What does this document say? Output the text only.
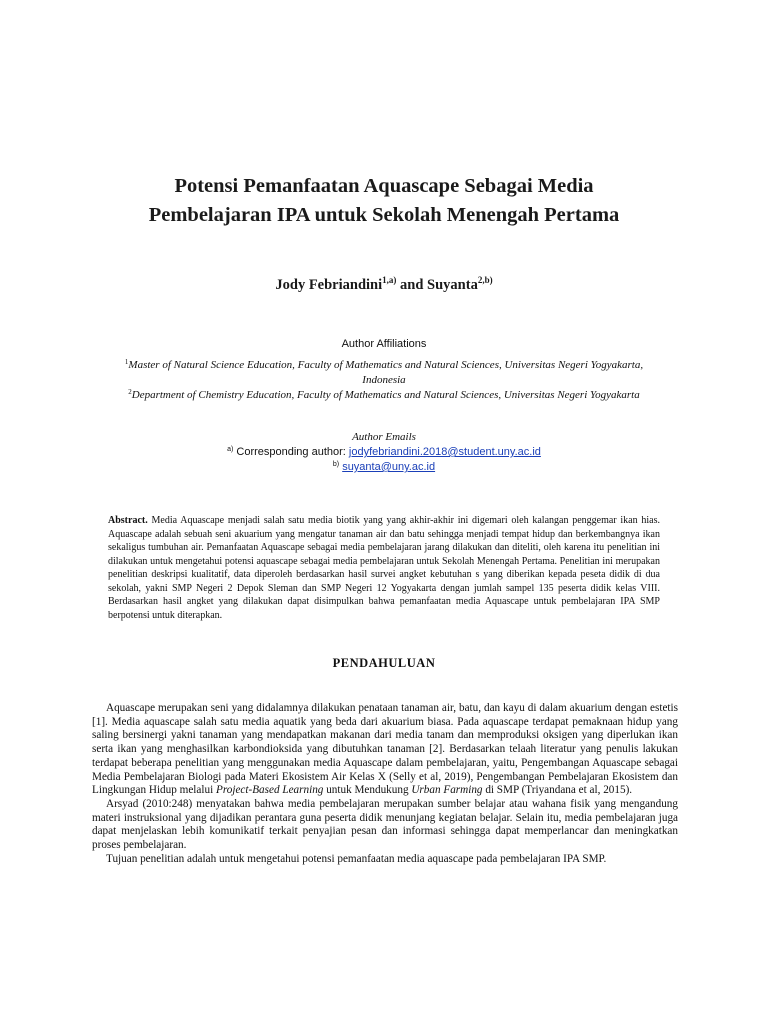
Potensi Pemanfaatan Aquascape Sebagai Media
Pembelajaran IPA untuk Sekolah Menengah Pertama
Jody Febriandini$^{1,a)}$ and Suyanta$^{2,b)}$
Author Affiliations
$^1$Master of Natural Science Education, Faculty of Mathematics and Natural Sciences, Universitas Negeri Yogyakarta, Indonesia
$^2$Department of Chemistry Education, Faculty of Mathematics and Natural Sciences, Universitas Negeri Yogyakarta
Author Emails
$^{a)}$ Corresponding author: jodyfebriandini.2018@student.uny.ac.id
$^{b)}$ suyanta@uny.ac.id
Abstract. Media Aquascape menjadi salah satu media biotik yang yang akhir-akhir ini digemari oleh kalangan penggemar ikan hias. Aquascape adalah sebuah seni akuarium yang mengatur tanaman air dan batu sehingga menjadi tempat hidup dan berkembangnya ikan sekaligus tumbuhan air. Pemanfaatan Aquascape sebagai media pembelajaran jarang dilakukan dan diteliti, oleh karena itu penelitian ini dilakukan untuk mengetahui potensi aquascape sebagai media pembelajaran untuk Sekolah Menengah Pertama. Penelitian ini merupakan penelitian deskripsi kualitatif, data diperoleh berdasarkan hasil survei angket kebutuhan s yang diberikan kepada peseta didik di dua sekolah, yakni SMP Negeri 2 Depok Sleman dan SMP Negeri 12 Yogyakarta dengan jumlah sampel 135 peserta didik kelas VIII. Berdasarkan hasil angket yang dilakukan dapat disimpulkan bahwa pemanfaatan media Aquascape untuk pembelajaran IPA SMP berpotensi untuk diterapkan.
PENDAHULUAN

Aquascape merupakan seni yang didalamnya dilakukan penataan tanaman air, batu, dan kayu di dalam akuarium dengan estetis [1]. Media aquascape salah satu media aquatik yang beda dari akuarium biasa. Pada aquascape terdapat pemaknaan hidup yang saling bersinergi yakni tanaman yang mendapatkan makanan dari media tanam dan memproduksi oksigen yang diperlukan ikan serta ikan yang menghasilkan karbondioksida yang dibutuhkan tanaman [2]. Berdasarkan telaah literatur yang penulis lakukan terdapat beberapa penelitian yang menggunakan media Aquascape dalam pembelajaran, yaitu, Pengembangan Aquascape sebagai Media Pembelajaran Biologi pada Materi Ekosistem Air Kelas X (Selly et al, 2019), Pengembangan Pembelajaran Ekosistem dan Lingkungan Hidup melalui Project-Based Learning untuk Mendukung Urban Farming di SMP (Triyandana et al, 2015).

Arsyad (2010:248) menyatakan bahwa media pembelajaran merupakan sumber belajar atau wahana fisik yang mengandung materi instruksional yang dijadikan perantara guna peserta didik menunjang kegiatan belajar. Selain itu, media pembelajaran juga dapat menjelaskan lebih komunikatif terkait penyajian pesan dan informasi sehingga dapat memperlancar dan meningkatkan proses pembelajaran.

Tujuan penelitian adalah untuk mengetahui potensi pemanfaatan media aquascape pada pembelajaran IPA SMP.
